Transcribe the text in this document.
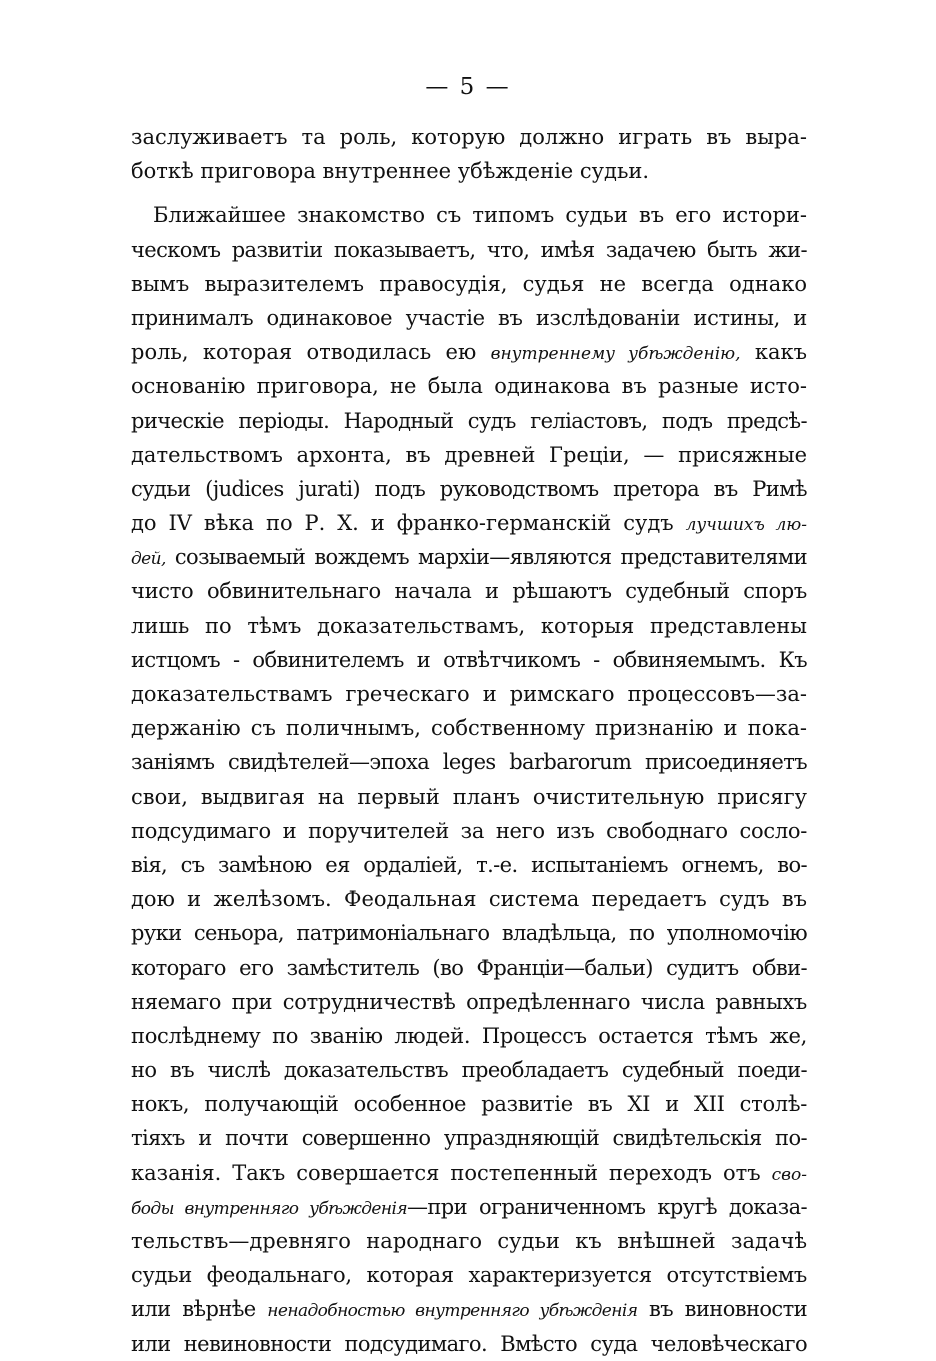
— 5 —
заслуживаетъ та роль, которую должно играть въ выра-
боткѣ приговора внутреннее убѣжденіе судьи.
Ближайшее знакомство съ типомъ судьи въ его истори-
ческомъ развитіи показываетъ, что, имѣя задачею быть жи-
вымъ выразителемъ правосудія, судья не всегда однако
принималъ одинаковое участіе въ изслѣдованіи истины, и
роль, которая отводилась ею внутреннему убѣжденію, какъ
основанію приговора, не была одинакова въ разные исто-
рическіе періоды. Народный судъ геліастовъ, подъ предсѣ-
дательствомъ архонта, въ древней Греціи, — присяжные
судьи (judices jurati) подъ руководствомъ претора въ Римѣ
до IV вѣка по Р. Х. и франко-германскій судъ лучшихъ лю-
дей, созываемый вождемъ мархіи—являются представителями
чисто обвинительнаго начала и рѣшаютъ судебный споръ
лишь по тѣмъ доказательствамъ, которыя представлены
истцомъ - обвинителемъ и отвѣтчикомъ - обвиняемымъ. Къ
доказательствамъ греческаго и римскаго процессовъ—за-
держанію съ поличнымъ, собственному признанію и пока-
заніямъ свидѣтелей—эпоха leges barbarorum присоединяетъ
свои, выдвигая на первый планъ очистительную присягу
подсудимаго и поручителей за него изъ свободнаго сосло-
вія, съ замѣною ея ордаліей, т.-е. испытаніемъ огнемъ, во-
дою и желѣзомъ. Феодальная система передаетъ судъ въ
руки сеньора, патримоніальнаго владѣльца, по уполномочію
котораго его замѣститель (во Франціи—бальи) судитъ обви-
няемаго при сотрудничествѣ опредѣленнаго числа равныхъ
послѣднему по званію людей. Процессъ остается тѣмъ же,
но въ числѣ доказательствъ преобладаетъ судебный поеди-
нокъ, получающій особенное развитіе въ XI и XII столѣ-
тіяхъ и почти совершенно упраздняющій свидѣтельскія по-
казанія. Такъ совершается постепенный переходъ отъ сво-
боды внутренняго убѣжденія—при ограниченномъ кругѣ доказа-
тельствъ—древняго народнаго судьи къ внѣшней задачѣ
судьи феодальнаго, которая характеризуется отсутствіемъ
или вѣрнѣе ненадобностью внутренняго убѣжденія въ виновности
или невиновности подсудимаго. Вмѣсто суда человѣческаго
